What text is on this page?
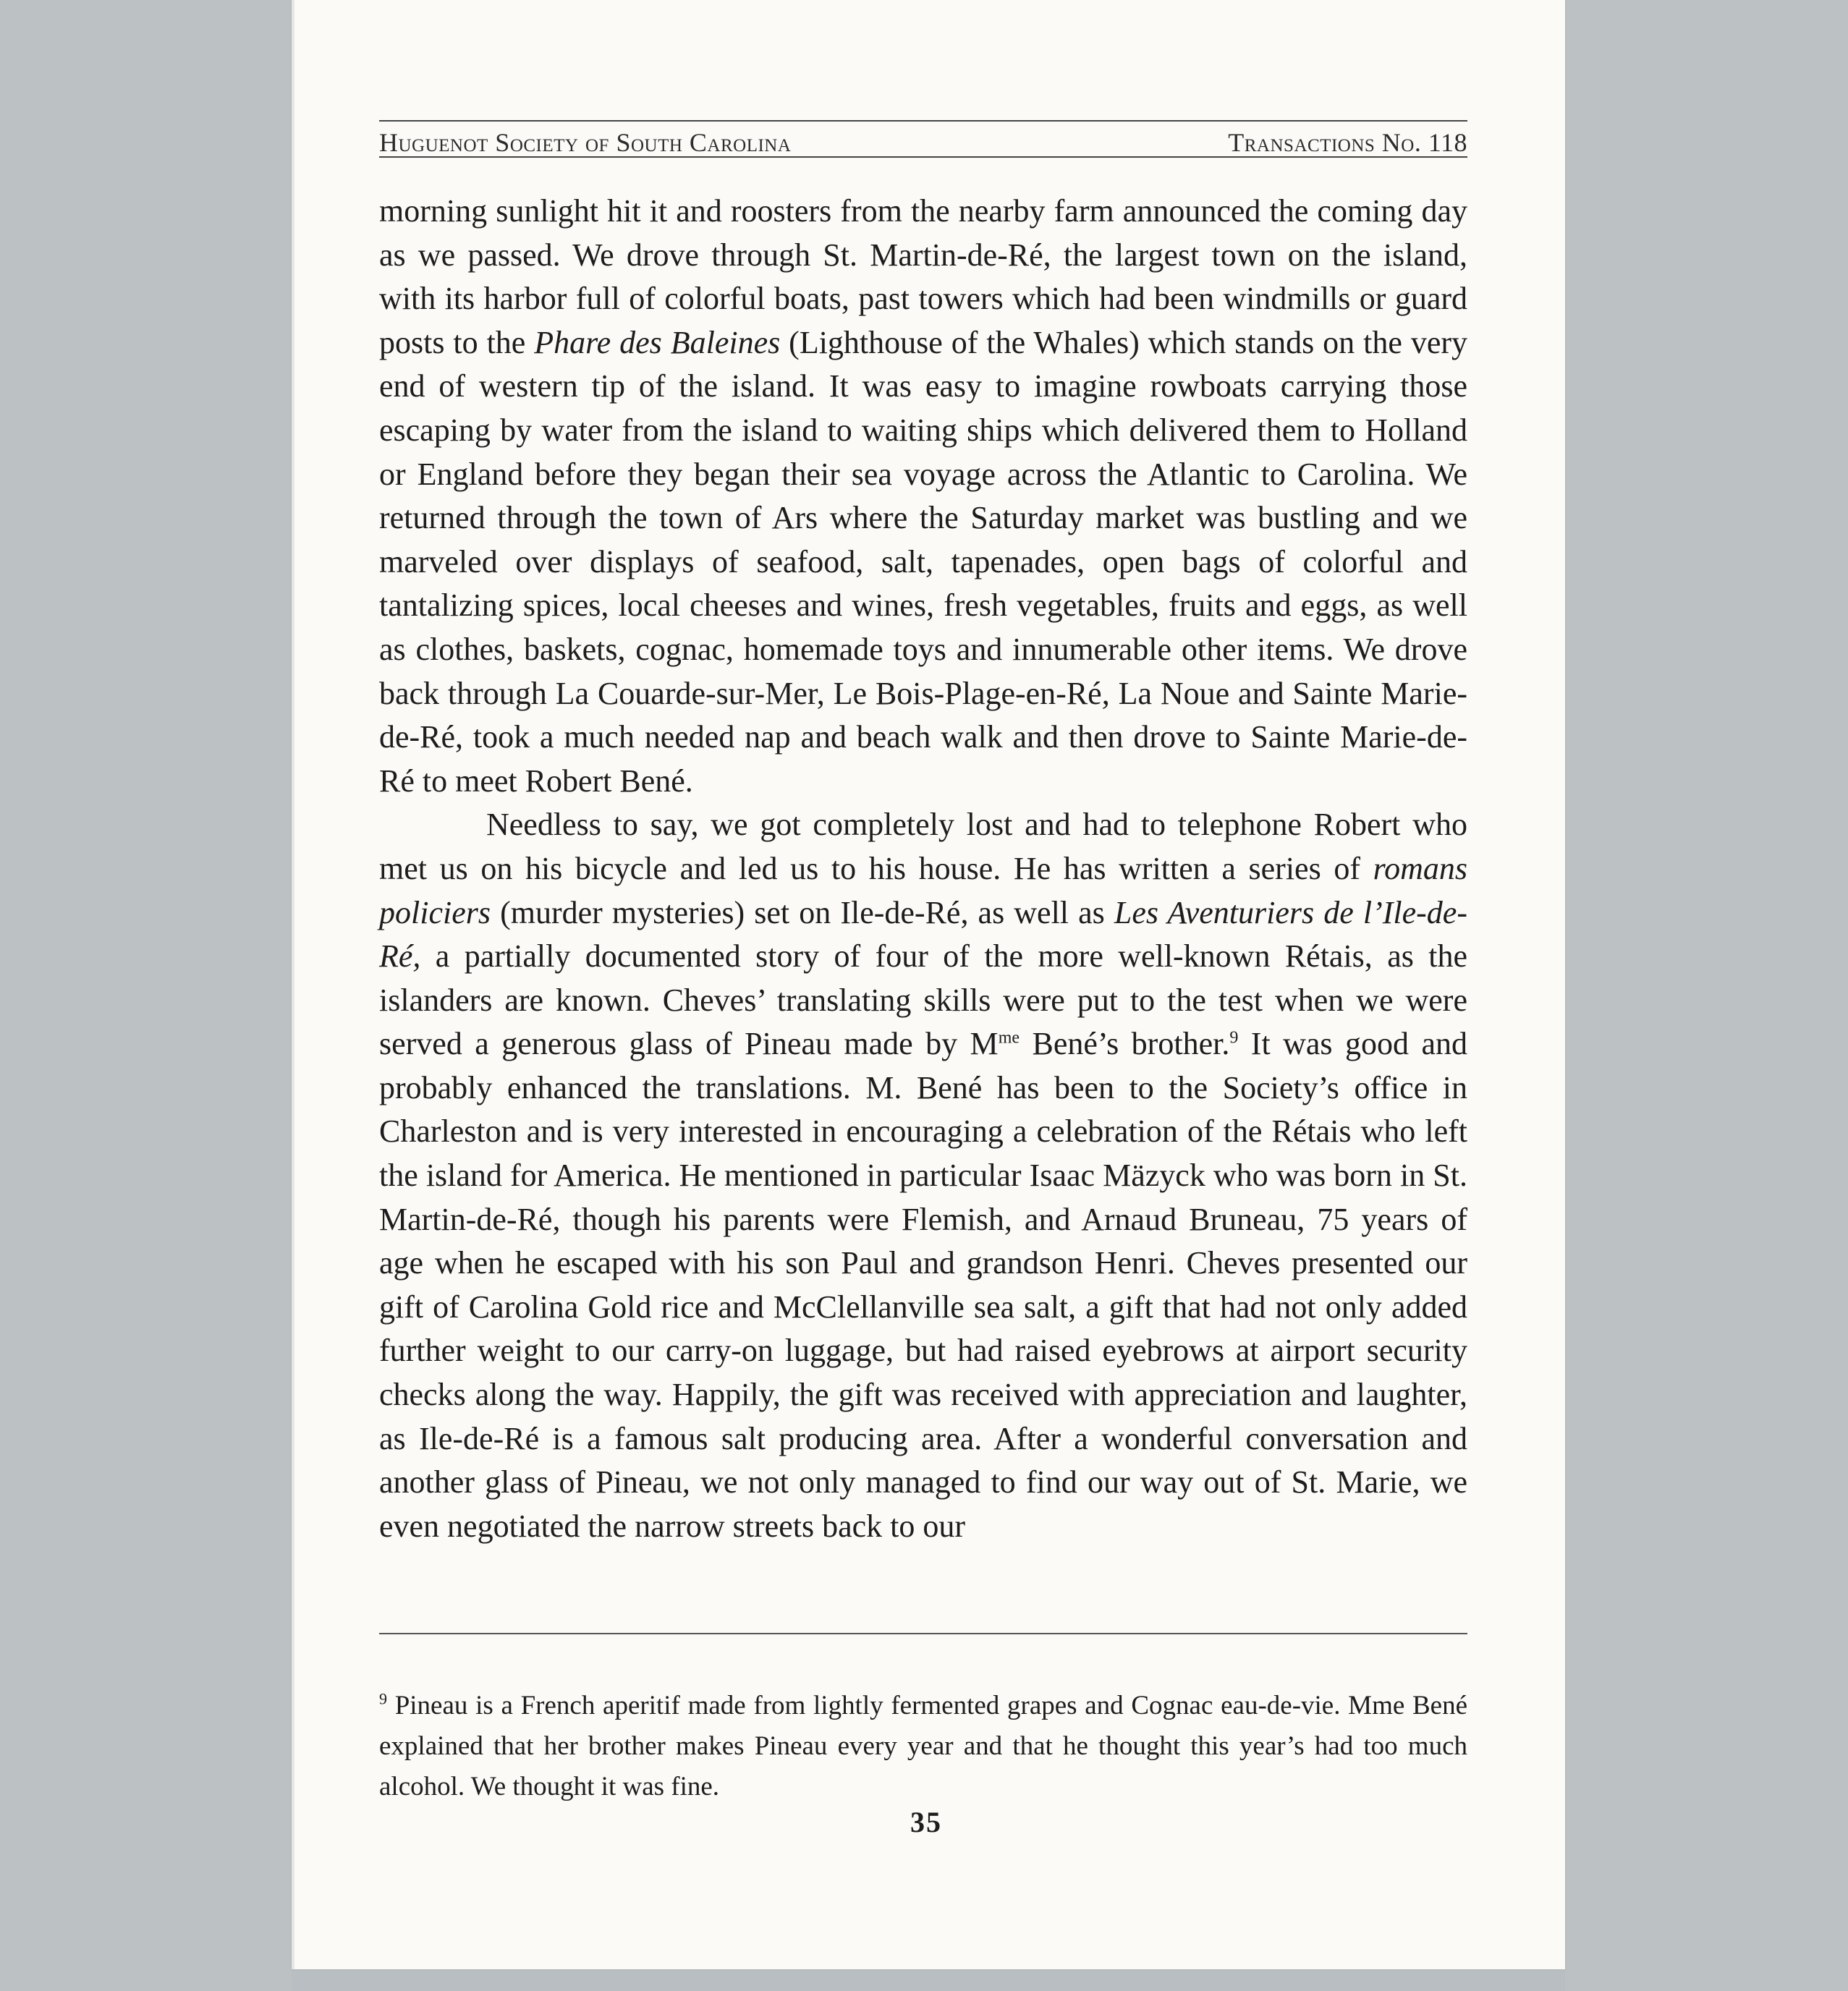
Huguenot Society of South Carolina	Transactions No. 118

morning sunlight hit it and roosters from the nearby farm announced the coming day as we passed. We drove through St. Martin-de-Ré, the largest town on the island, with its harbor full of colorful boats, past towers which had been windmills or guard posts to the Phare des Baleines (Lighthouse of the Whales) which stands on the very end of western tip of the island. It was easy to imagine rowboats carrying those escaping by water from the island to waiting ships which delivered them to Holland or England before they began their sea voyage across the Atlantic to Carolina. We returned through the town of Ars where the Saturday market was bustling and we marveled over displays of seafood, salt, tapenades, open bags of colorful and tantalizing spices, local cheeses and wines, fresh vegetables, fruits and eggs, as well as clothes, baskets, cognac, homemade toys and innumerable other items. We drove back through La Couarde-sur-Mer, Le Bois-Plage-en-Ré, La Noue and Sainte Marie-de-Ré, took a much needed nap and beach walk and then drove to Sainte Marie-de-Ré to meet Robert Bené.

Needless to say, we got completely lost and had to telephone Robert who met us on his bicycle and led us to his house. He has written a series of romans policiers (murder mysteries) set on Ile-de-Ré, as well as Les Aventuriers de l’Ile-de-Ré, a partially documented story of four of the more well-known Rétais, as the islanders are known. Cheves’ translating skills were put to the test when we were served a generous glass of Pineau made by $M^{me}$ Bené’s brother.$^9$ It was good and probably enhanced the translations. M. Bené has been to the Society’s office in Charleston and is very interested in encouraging a celebration of the Rétais who left the island for America. He mentioned in particular Isaac Mäzyck who was born in St. Martin-de-Ré, though his parents were Flemish, and Arnaud Bruneau, 75 years of age when he escaped with his son Paul and grandson Henri. Cheves presented our gift of Carolina Gold rice and McClellanville sea salt, a gift that had not only added further weight to our carry-on luggage, but had raised eyebrows at airport security checks along the way. Happily, the gift was received with appreciation and laughter, as Ile-de-Ré is a famous salt producing area. After a wonderful conversation and another glass of Pineau, we not only managed to find our way out of St. Marie, we even negotiated the narrow streets back to our

$^9$ Pineau is a French aperitif made from lightly fermented grapes and Cognac eau-de-vie. Mme Bené explained that her brother makes Pineau every year and that he thought this year’s had too much alcohol. We thought it was fine.
35
